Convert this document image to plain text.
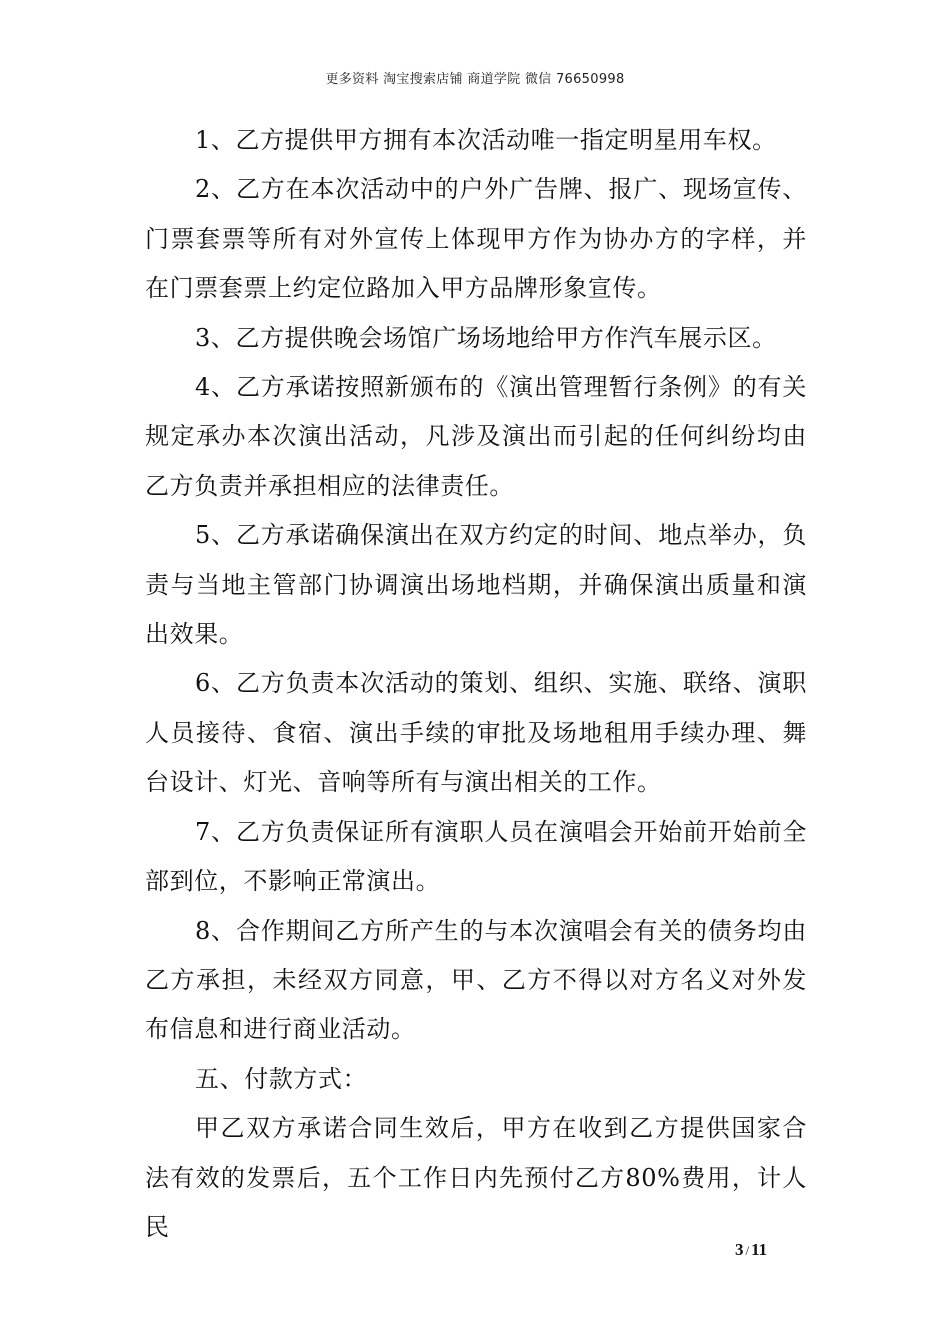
更多资料 淘宝搜索店铺 商道学院 微信 76650998

1、乙方提供甲方拥有本次活动唯一指定明星用车权。

2、乙方在本次活动中的户外广告牌、报广、现场宣传、门票套票等所有对外宣传上体现甲方作为协办方的字样，并在门票套票上约定位路加入甲方品牌形象宣传。

3、乙方提供晚会场馆广场场地给甲方作汽车展示区。

4、乙方承诺按照新颁布的《演出管理暂行条例》的有关规定承办本次演出活动，凡涉及演出而引起的任何纠纷均由乙方负责并承担相应的法律责任。

5、乙方承诺确保演出在双方约定的时间、地点举办，负责与当地主管部门协调演出场地档期，并确保演出质量和演出效果。

6、乙方负责本次活动的策划、组织、实施、联络、演职人员接待、食宿、演出手续的审批及场地租用手续办理、舞台设计、灯光、音响等所有与演出相关的工作。

7、乙方负责保证所有演职人员在演唱会开始前开始前全部到位，不影响正常演出。

8、合作期间乙方所产生的与本次演唱会有关的债务均由乙方承担，未经双方同意，甲、乙方不得以对方名义对外发布信息和进行商业活动。

五、付款方式：

甲乙双方承诺合同生效后，甲方在收到乙方提供国家合法有效的发票后，五个工作日内先预付乙方80%费用，计人民

3 / 11
